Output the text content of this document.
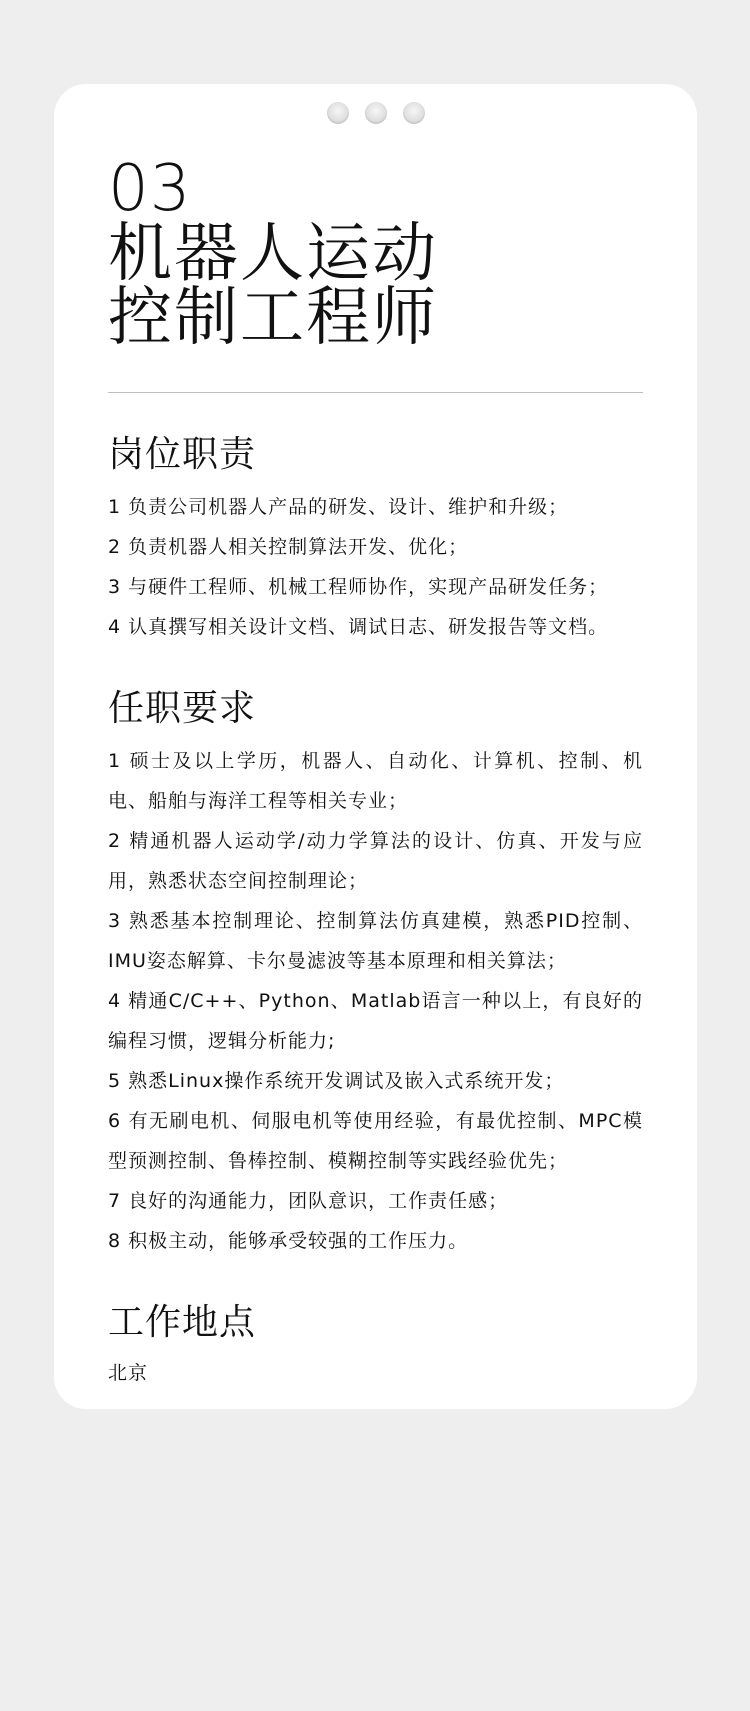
03
机器人运动
控制工程师
岗位职责
1 负责公司机器人产品的研发、设计、维护和升级；
2 负责机器人相关控制算法开发、优化；
3 与硬件工程师、机械工程师协作，实现产品研发任务；
4 认真撰写相关设计文档、调试日志、研发报告等文档。
任职要求
1 硕士及以上学历，机器人、自动化、计算机、控制、机电、船舶与海洋工程等相关专业；
2 精通机器人运动学/动力学算法的设计、仿真、开发与应用，熟悉状态空间控制理论；
3 熟悉基本控制理论、控制算法仿真建模，熟悉PID控制、IMU姿态解算、卡尔曼滤波等基本原理和相关算法；
4 精通C/C++、Python、Matlab语言一种以上，有良好的编程习惯，逻辑分析能力;
5 熟悉Linux操作系统开发调试及嵌入式系统开发；
6 有无刷电机、伺服电机等使用经验，有最优控制、MPC模型预测控制、鲁棒控制、模糊控制等实践经验优先；
7 良好的沟通能力，团队意识，工作责任感；
8 积极主动，能够承受较强的工作压力。
工作地点
北京
